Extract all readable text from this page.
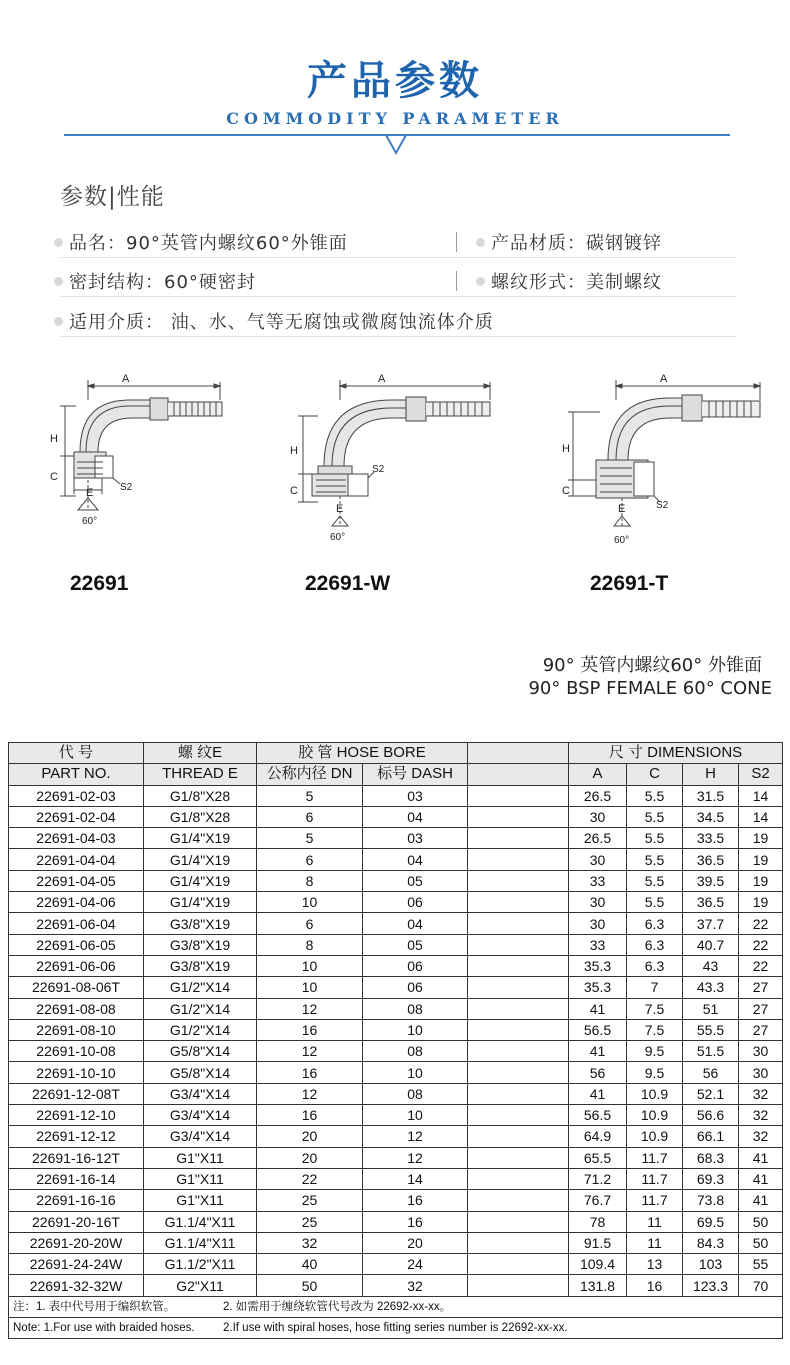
产品参数
COMMODITY PARAMETER
参数|性能
品名：90°英管内螺纹60°外锥面	产品材质：碳钢镀锌
密封结构：60°硬密封	螺纹形式：美制螺纹
适用介质： 油、水、气等无腐蚀或微腐蚀流体介质
A
H
C
E	S2
60°
22691
A
H
C
E
S2
60°
22691-W
A
H
C
E	S2
60°
22691-T
90° 英管内螺纹60° 外锥面
90° BSP FEMALE 60° CONE
代 号	螺 纹E	胶 管 HOSE BORE			尺 寸 DIMENSIONS			
PART NO.	THREAD E	公称内径 DN	标号 DASH		A	C	H	S2
22691-02-03	G1/8"X28	5	03		26.5	5.5	31.5	14
22691-02-04	G1/8"X28	6	04		30	5.5	34.5	14
22691-04-03	G1/4"X19	5	03		26.5	5.5	33.5	19
22691-04-04	G1/4"X19	6	04		30	5.5	36.5	19
22691-04-05	G1/4"X19	8	05		33	5.5	39.5	19
22691-04-06	G1/4"X19	10	06		30	5.5	36.5	19
22691-06-04	G3/8"X19	6	04		30	6.3	37.7	22
22691-06-05	G3/8"X19	8	05		33	6.3	40.7	22
22691-06-06	G3/8"X19	10	06		35.3	6.3	43	22
22691-08-06T	G1/2"X14	10	06		35.3	7	43.3	27
22691-08-08	G1/2"X14	12	08		41	7.5	51	27
22691-08-10	G1/2"X14	16	10		56.5	7.5	55.5	27
22691-10-08	G5/8"X14	12	08		41	9.5	51.5	30
22691-10-10	G5/8"X14	16	10		56	9.5	56	30
22691-12-08T	G3/4"X14	12	08		41	10.9	52.1	32
22691-12-10	G3/4"X14	16	10		56.5	10.9	56.6	32
22691-12-12	G3/4"X14	20	12		64.9	10.9	66.1	32
22691-16-12T	G1"X11	20	12		65.5	11.7	68.3	41
22691-16-14	G1"X11	22	14		71.2	11.7	69.3	41
22691-16-16	G1"X11	25	16		76.7	11.7	73.8	41
22691-20-16T	G1.1/4"X11	25	16		78	11	69.5	50
22691-20-20W	G1.1/4"X11	32	20		91.5	11	84.3	50
22691-24-24W	G1.1/2"X11	40	24		109.4	13	103	55
22691-32-32W	G2"X11	50	32		131.8	16	123.3	70
注：1. 表中代号用于编织软管。 2. 如需用于缠绕软管代号改为 22692-xx-xx。								
Note: 1.For use with braided hoses. 2.If use with spiral hoses, hose fitting series number is 22692-xx-xx.								
